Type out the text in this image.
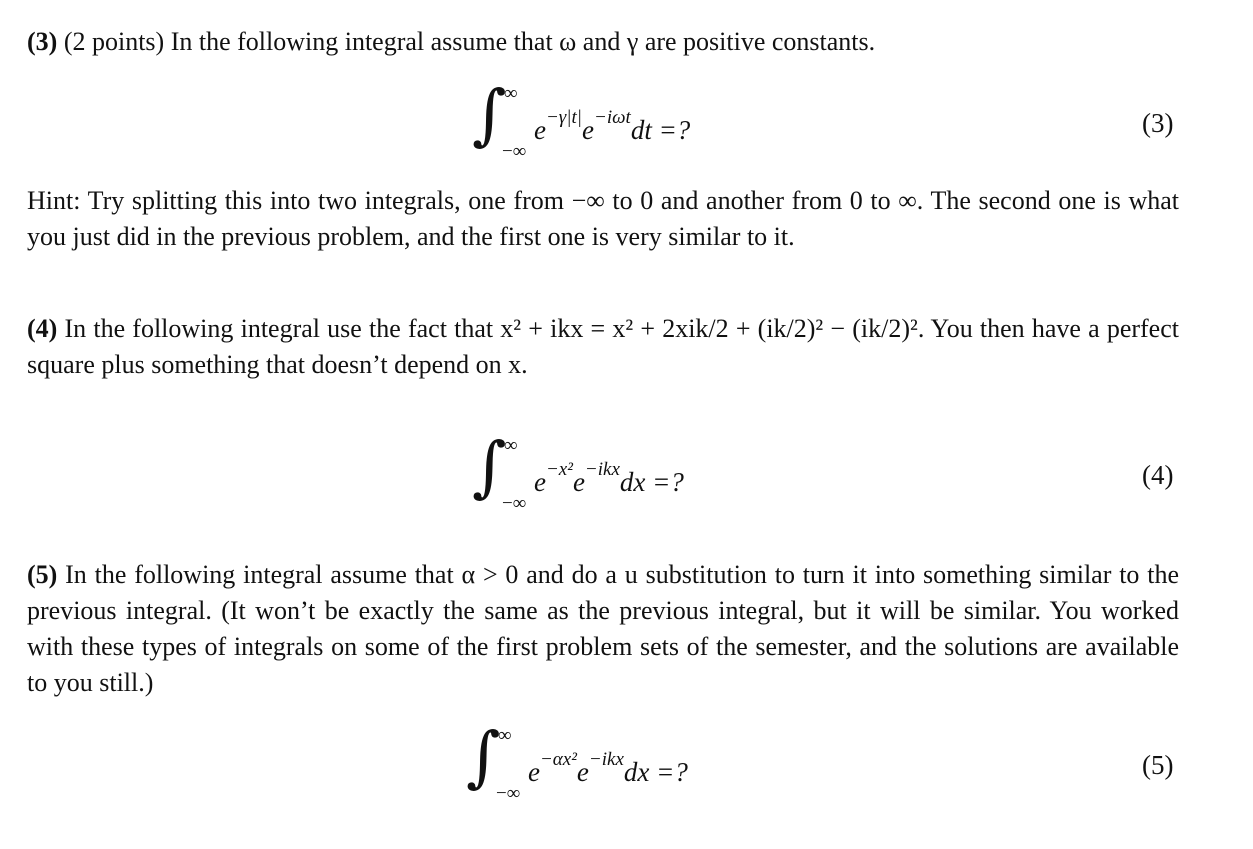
(3) (2 points) In the following integral assume that ω and γ are positive constants.
∫
∞
−∞
$e^{-\gamma|t|}e^{-i\omega t}dt$ =?	(3)
Hint: Try splitting this into two integrals, one from −∞ to 0 and another from 0 to ∞. The second one is what you just did in the previous problem, and the first one is very similar to it.
(4) In the following integral use the fact that x² + ikx = x² + 2xik/2 + (ik/2)² − (ik/2)². You then have a perfect square plus something that doesn’t depend on x.
∫
∞
−∞
$e^{-x^2}e^{-ikx}dx$ =?	(4)
(5) In the following integral assume that α > 0 and do a u substitution to turn it into something similar to the previous integral. (It won’t be exactly the same as the previous integral, but it will be similar. You worked with these types of integrals on some of the first problem sets of the semester, and the solutions are available to you still.)
∫
∞
−∞
$e^{-\alpha x^2}e^{-ikx}dx$ =?	(5)
